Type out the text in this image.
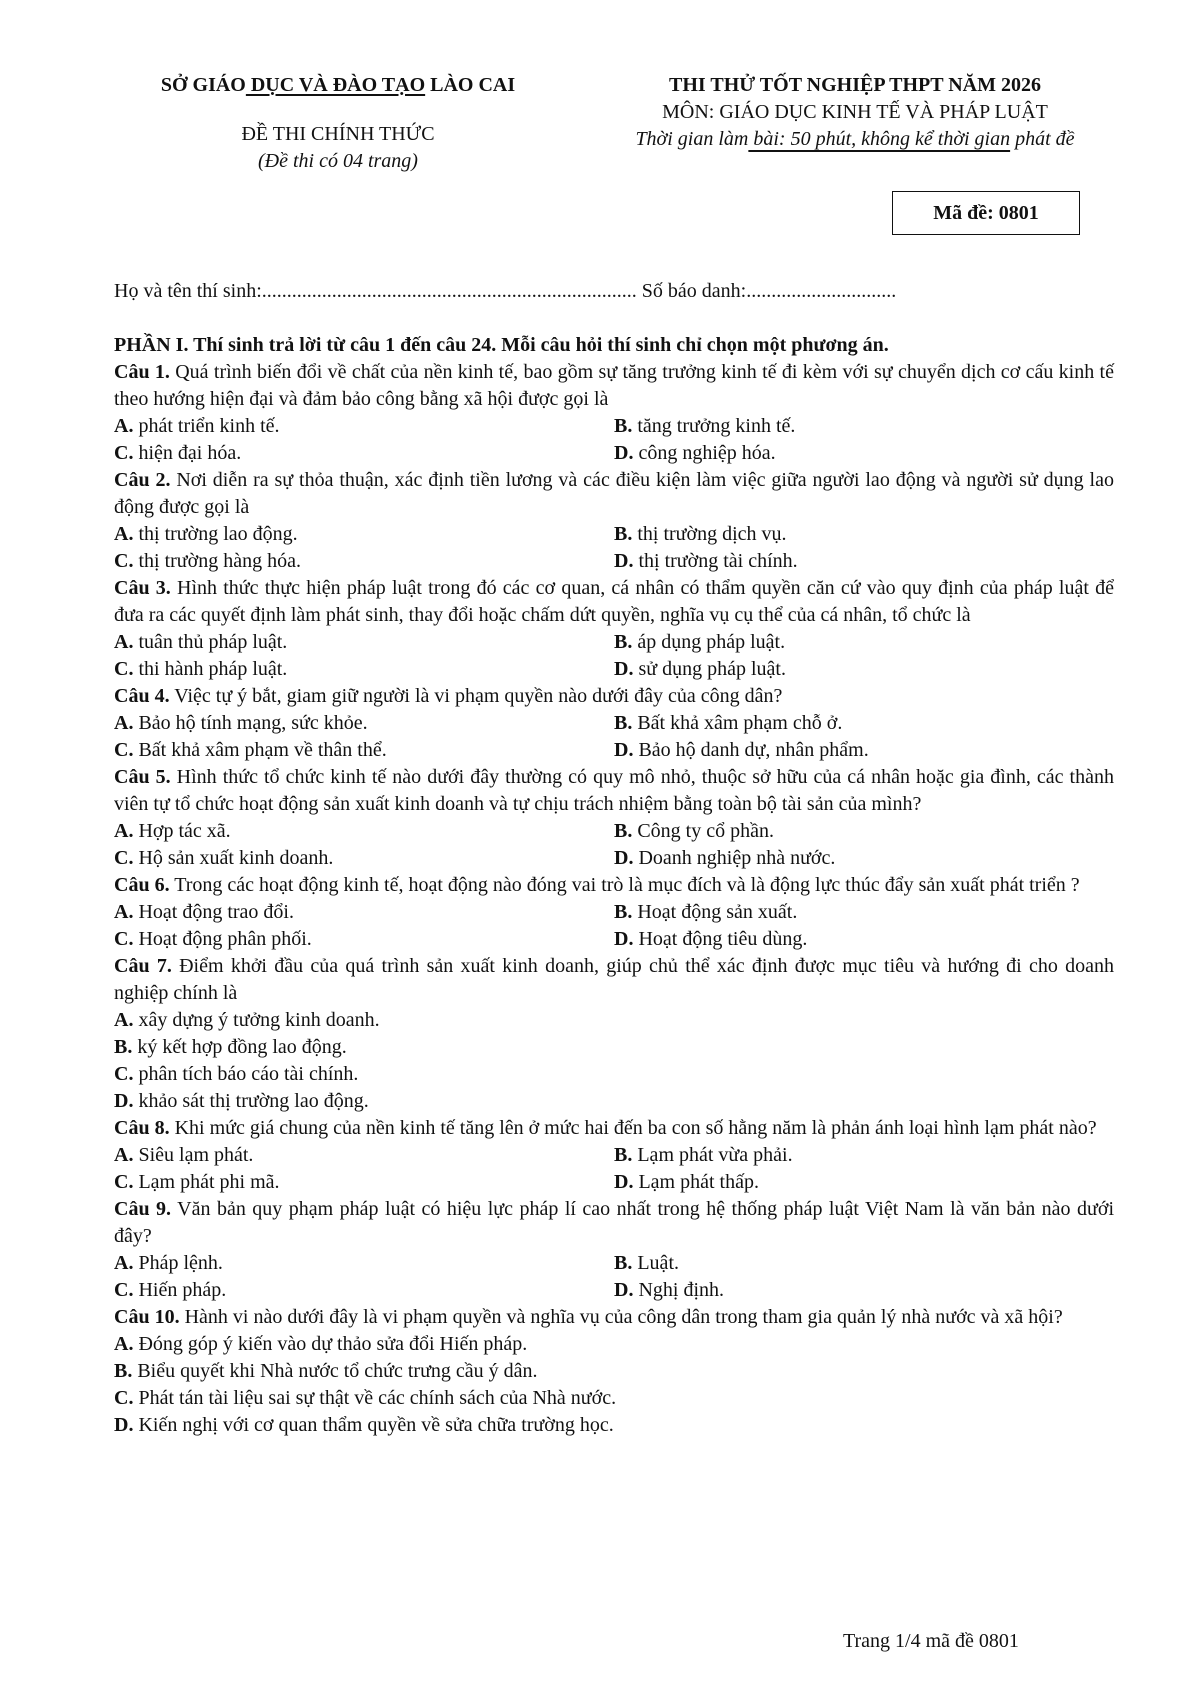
SỞ GIÁO DỤC VÀ ĐÀO TẠO LÀO CAI
ĐỀ THI CHÍNH THỨC
(Đề thi có 04 trang)
THI THỬ TỐT NGHIỆP THPT NĂM 2026
MÔN: GIÁO DỤC KINH TẾ VÀ PHÁP LUẬT
Thời gian làm bài: 50 phút, không kể thời gian phát đề
Mã đề: 0801
Họ và tên thí sinh:........................................................................... Số báo danh:..............................
PHẦN I. Thí sinh trả lời từ câu 1 đến câu 24. Mỗi câu hỏi thí sinh chỉ chọn một phương án.
Câu 1. Quá trình biến đổi về chất của nền kinh tế, bao gồm sự tăng trưởng kinh tế đi kèm với sự chuyển dịch cơ cấu kinh tế theo hướng hiện đại và đảm bảo công bằng xã hội được gọi là
A. phát triển kinh tế.	B. tăng trưởng kinh tế.
C. hiện đại hóa.	D. công nghiệp hóa.
Câu 2. Nơi diễn ra sự thỏa thuận, xác định tiền lương và các điều kiện làm việc giữa người lao động và người sử dụng lao động được gọi là
A. thị trường lao động.	B. thị trường dịch vụ.
C. thị trường hàng hóa.	D. thị trường tài chính.
Câu 3. Hình thức thực hiện pháp luật trong đó các cơ quan, cá nhân có thẩm quyền căn cứ vào quy định của pháp luật để đưa ra các quyết định làm phát sinh, thay đổi hoặc chấm dứt quyền, nghĩa vụ cụ thể của cá nhân, tổ chức là
A. tuân thủ pháp luật.	B. áp dụng pháp luật.
C. thi hành pháp luật.	D. sử dụng pháp luật.
Câu 4. Việc tự ý bắt, giam giữ người là vi phạm quyền nào dưới đây của công dân?
A. Bảo hộ tính mạng, sức khỏe.	B. Bất khả xâm phạm chỗ ở.
C. Bất khả xâm phạm về thân thể.	D. Bảo hộ danh dự, nhân phẩm.
Câu 5. Hình thức tổ chức kinh tế nào dưới đây thường có quy mô nhỏ, thuộc sở hữu của cá nhân hoặc gia đình, các thành viên tự tổ chức hoạt động sản xuất kinh doanh và tự chịu trách nhiệm bằng toàn bộ tài sản của mình?
A. Hợp tác xã.	B. Công ty cổ phần.
C. Hộ sản xuất kinh doanh.	D. Doanh nghiệp nhà nước.
Câu 6. Trong các hoạt động kinh tế, hoạt động nào đóng vai trò là mục đích và là động lực thúc đẩy sản xuất phát triển ?
A. Hoạt động trao đổi.	B. Hoạt động sản xuất.
C. Hoạt động phân phối.	D. Hoạt động tiêu dùng.
Câu 7. Điểm khởi đầu của quá trình sản xuất kinh doanh, giúp chủ thể xác định được mục tiêu và hướng đi cho doanh nghiệp chính là
A. xây dựng ý tưởng kinh doanh.
B. ký kết hợp đồng lao động.
C. phân tích báo cáo tài chính.
D. khảo sát thị trường lao động.
Câu 8. Khi mức giá chung của nền kinh tế tăng lên ở mức hai đến ba con số hằng năm là phản ánh loại hình lạm phát nào?
A. Siêu lạm phát.	B. Lạm phát vừa phải.
C. Lạm phát phi mã.	D. Lạm phát thấp.
Câu 9. Văn bản quy phạm pháp luật có hiệu lực pháp lí cao nhất trong hệ thống pháp luật Việt Nam là văn bản nào dưới đây?
A. Pháp lệnh.	B. Luật.
C. Hiến pháp.	D. Nghị định.
Câu 10. Hành vi nào dưới đây là vi phạm quyền và nghĩa vụ của công dân trong tham gia quản lý nhà nước và xã hội?
A. Đóng góp ý kiến vào dự thảo sửa đổi Hiến pháp.
B. Biểu quyết khi Nhà nước tổ chức trưng cầu ý dân.
C. Phát tán tài liệu sai sự thật về các chính sách của Nhà nước.
D. Kiến nghị với cơ quan thẩm quyền về sửa chữa trường học.
Trang 1/4 mã đề 0801
